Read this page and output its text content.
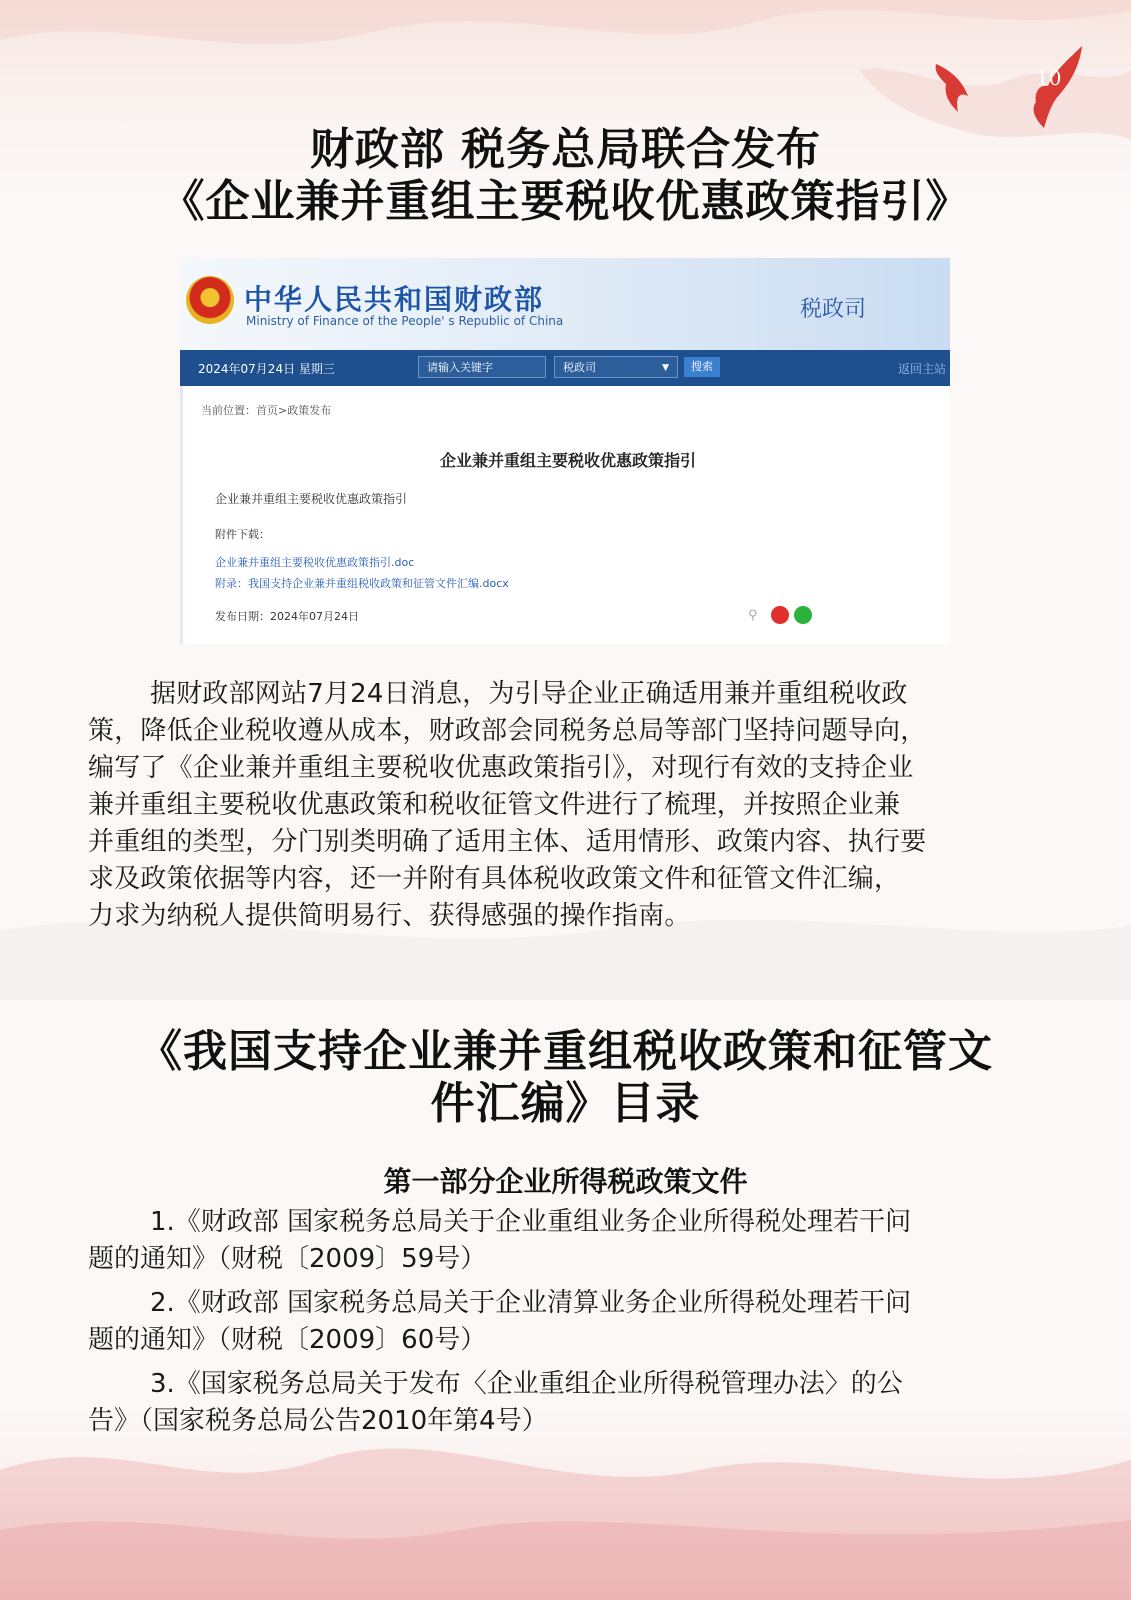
10
财政部 税务总局联合发布
《企业兼并重组主要税收优惠政策指引》
中华人民共和国财政部
Ministry of Finance of the People' s Republic of China	税政司
2024年07月24日 星期三	请输入关键字	税政司	▼	搜索	返回主站
当前位置：首页>政策发布
企业兼并重组主要税收优惠政策指引
企业兼并重组主要税收优惠政策指引
附件下载：
企业兼并重组主要税收优惠政策指引.doc
附录：我国支持企业兼并重组税收政策和征管文件汇编.docx
发布日期：2024年07月24日	⚲

据财政部网站7月24日消息，为引导企业正确适用兼并重组税收政
策，降低企业税收遵从成本，财政部会同税务总局等部门坚持问题导向，
编写了《企业兼并重组主要税收优惠政策指引》，对现行有效的支持企业
兼并重组主要税收优惠政策和税收征管文件进行了梳理，并按照企业兼
并重组的类型，分门别类明确了适用主体、适用情形、政策内容、执行要
求及政策依据等内容，还一并附有具体税收政策文件和征管文件汇编，
力求为纳税人提供简明易行、获得感强的操作指南。

《我国支持企业兼并重组税收政策和征管文
件汇编》目录
第一部分企业所得税政策文件

1.《财政部 国家税务总局关于企业重组业务企业所得税处理若干问
题的通知》（财税〔2009〕59号）

2.《财政部 国家税务总局关于企业清算业务企业所得税处理若干问
题的通知》（财税〔2009〕60号）

3.《国家税务总局关于发布〈企业重组企业所得税管理办法〉的公
告》（国家税务总局公告2010年第4号）
